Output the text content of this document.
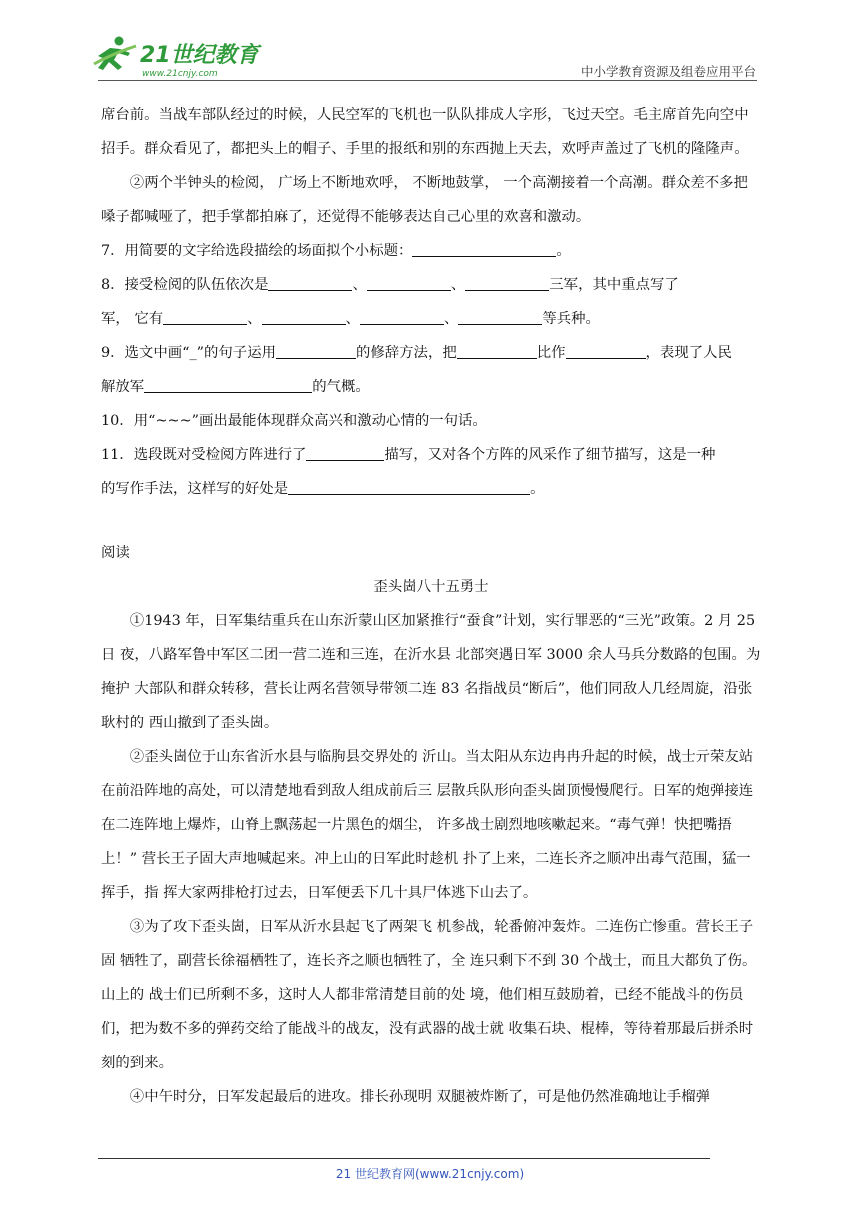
21世纪教育
www.21cnjy.com	中小学教育资源及组卷应用平台

席台前。当战车部队经过的时候，人民空军的飞机也一队队排成人字形，飞过天空。毛主席首先向空中招手。群众看见了，都把头上的帽子、手里的报纸和别的东西抛上天去，欢呼声盖过了飞机的隆隆声。

②两个半钟头的检阅， 广场上不断地欢呼， 不断地鼓掌， 一个高潮接着一个高潮。群众差不多把嗓子都喊哑了，把手掌都拍麻了，还觉得不能够表达自己心里的欢喜和激动。

7．用简要的文字给选段描绘的场面拟个小标题：	。

8．接受检阅的队伍依次是	、	、	三军，其中重点写了

军， 它有	、	、	、	等兵种。

9．选文中画“_”的句子运用	的修辞方法，把	比作	，表现了人民

解放军	的气概。

10．用“~~~”画出最能体现群众高兴和激动心情的一句话。

11．选段既对受检阅方阵进行了	描写，又对各个方阵的风采作了细节描写，这是一种

的写作手法，这样写的好处是	。

阅读

歪头崮八十五勇士

①1943 年，日军集结重兵在山东沂蒙山区加紧推行“蚕食”计划，实行罪恶的“三光”政策。2 月 25 日 夜，八路军鲁中军区二团一营二连和三连，在沂水县 北部突遇日军 3000 余人马兵分数路的包围。为掩护 大部队和群众转移，营长让两名营领导带领二连 83 名指战员“断后”，他们同敌人几经周旋，沿张耿村的 西山撤到了歪头崮。

②歪头崮位于山东省沂水县与临朐县交界处的 沂山。当太阳从东边冉冉升起的时候，战士亓荣友站 在前沿阵地的高处，可以清楚地看到敌人组成前后三 层散兵队形向歪头崮顶慢慢爬行。日军的炮弹接连 在二连阵地上爆炸，山脊上飘荡起一片黑色的烟尘， 许多战士剧烈地咳嗽起来。“毒气弹！快把嘴捂上！” 营长王子固大声地喊起来。冲上山的日军此时趁机 扑了上来，二连长齐之顺冲出毒气范围，猛一挥手，指 挥大家两排枪打过去，日军便丢下几十具尸体逃下山去了。

③为了攻下歪头崮，日军从沂水县起飞了两架飞 机参战，轮番俯冲轰炸。二连伤亡惨重。营长王子固 牺牲了，副营长徐福栖牲了，连长齐之顺也牺牲了，全 连只剩下不到 30 个战士，而且大都负了伤。山上的 战士们已所剩不多，这时人人都非常清楚目前的处 境，他们相互鼓励着，已经不能战斗的伤员们，把为数不多的弹药交给了能战斗的战友，没有武器的战士就 收集石块、棍棒，等待着那最后拼杀时刻的到来。

④中午时分，日军发起最后的进攻。排长孙现明 双腿被炸断了，可是他仍然准确地让手榴弹

21 世纪教育网(www.21cnjy.com)
